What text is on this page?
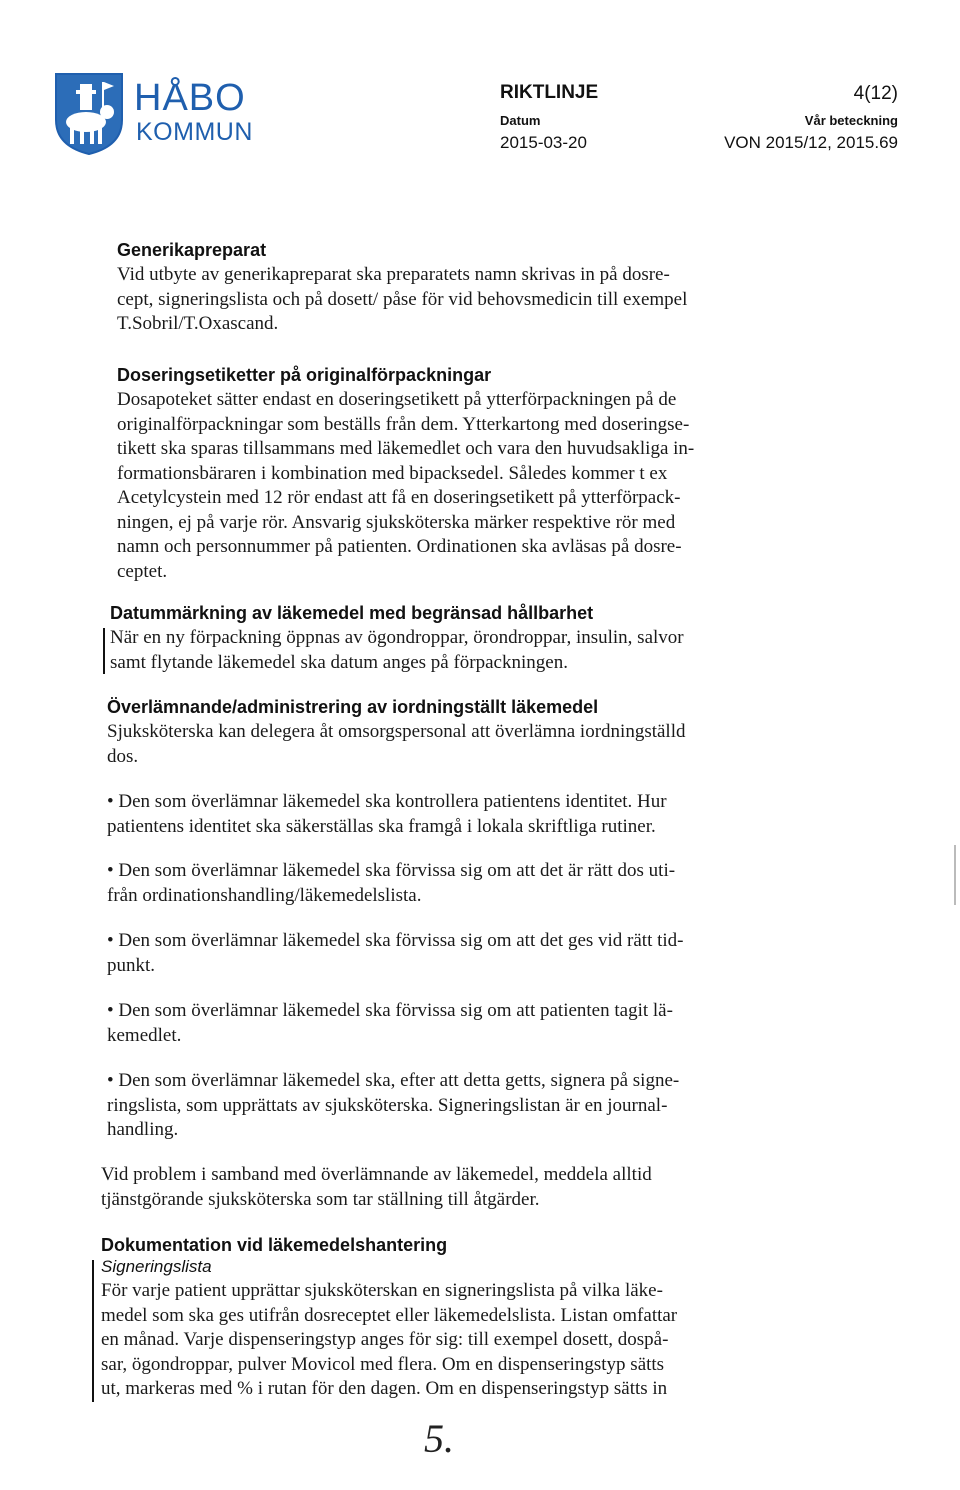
HÅBO
KOMMUN
RIKTLINJE	4(12)
Datum
2015-03-20
Vår beteckning
VON 2015/12, 2015.69
Generikapreparat
Vid utbyte av generikapreparat ska preparatets namn skrivas in på dosre-
cept, signeringslista och på dosett/ påse för vid behovsmedicin till exempel
T.Sobril/T.Oxascand.
Doseringsetiketter på originalförpackningar
Dosapoteket sätter endast en doseringsetikett på ytterförpackningen på de
originalförpackningar som beställs från dem. Ytterkartong med doseringse-
tikett ska sparas tillsammans med läkemedlet och vara den huvudsakliga in-
formationsbäraren i kombination med bipacksedel. Således kommer t ex
Acetylcystein med 12 rör endast att få en doseringsetikett på ytterförpack-
ningen, ej på varje rör. Ansvarig sjuksköterska märker respektive rör med
namn och personnummer på patienten. Ordinationen ska avläsas på dosre-
ceptet.
Datummärkning av läkemedel med begränsad hållbarhet
När en ny förpackning öppnas av ögondroppar, örondroppar, insulin, salvor
samt flytande läkemedel ska datum anges på förpackningen.
Överlämnande/administrering av iordningställt läkemedel
Sjuksköterska kan delegera åt omsorgspersonal att överlämna iordningställd
dos.
• Den som överlämnar läkemedel ska kontrollera patientens identitet. Hur
patientens identitet ska säkerställas ska framgå i lokala skriftliga rutiner.
• Den som överlämnar läkemedel ska förvissa sig om att det är rätt dos uti-
från ordinationshandling/läkemedelslista.
• Den som överlämnar läkemedel ska förvissa sig om att det ges vid rätt tid-
punkt.
• Den som överlämnar läkemedel ska förvissa sig om att patienten tagit lä-
kemedlet.
• Den som överlämnar läkemedel ska, efter att detta getts, signera på signe-
ringslista, som upprättats av sjuksköterska. Signeringslistan är en journal-
handling.
Vid problem i samband med överlämnande av läkemedel, meddela alltid
tjänstgörande sjuksköterska som tar ställning till åtgärder.
Dokumentation vid läkemedelshantering
Signeringslista
För varje patient upprättar sjuksköterskan en signeringslista på vilka läke-
medel som ska ges utifrån dosreceptet eller läkemedelslista. Listan omfattar
en månad. Varje dispenseringstyp anges för sig: till exempel dosett, dospå-
sar, ögondroppar, pulver Movicol med flera. Om en dispenseringstyp sätts
ut, markeras med % i rutan för den dagen. Om en dispenseringstyp sätts in
5.
